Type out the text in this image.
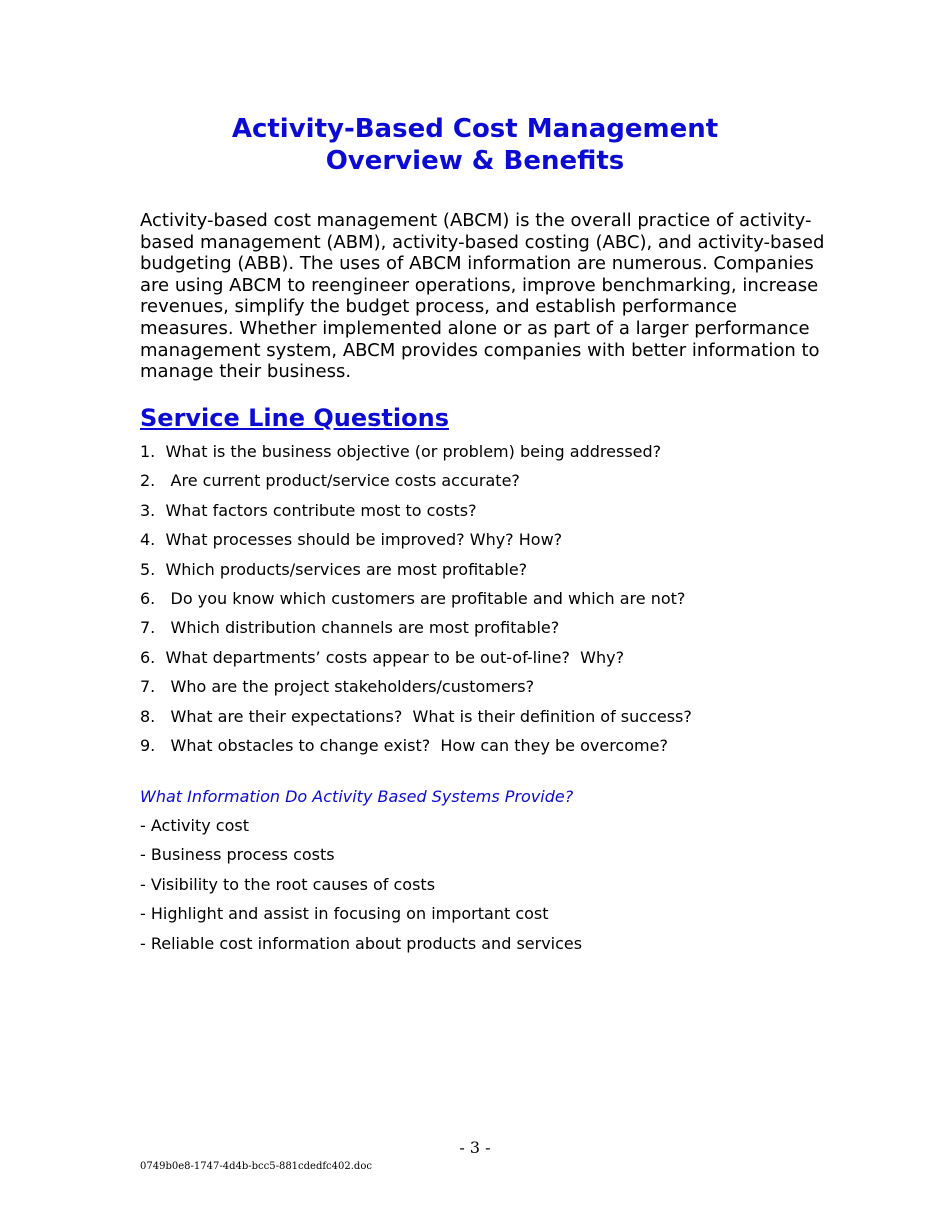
Activity-Based Cost Management
Overview & Benefits

Activity-based cost management (ABCM) is the overall practice of activity-based management (ABM), activity-based costing (ABC), and activity-based budgeting (ABB). The uses of ABCM information are numerous. Companies are using ABCM to reengineer operations, improve benchmarking, increase revenues, simplify the budget process, and establish performance measures. Whether implemented alone or as part of a larger performance management system, ABCM provides companies with better information to manage their business.

Service Line Questions
1.  What is the business objective (or problem) being addressed?
2.   Are current product/service costs accurate?
3.  What factors contribute most to costs?
4.  What processes should be improved? Why? How?
5.  Which products/services are most profitable?
6.   Do you know which customers are profitable and which are not?
7.   Which distribution channels are most profitable?
6.  What departments’ costs appear to be out-of-line?  Why?
7.   Who are the project stakeholders/customers?
8.   What are their expectations?  What is their definition of success?
9.   What obstacles to change exist?  How can they be overcome?

What Information Do Activity Based Systems Provide?

- Activity cost
- Business process costs
- Visibility to the root causes of costs
- Highlight and assist in focusing on important cost
- Reliable cost information about products and services
- 3 -
0749b0e8-1747-4d4b-bcc5-881cdedfc402.doc
